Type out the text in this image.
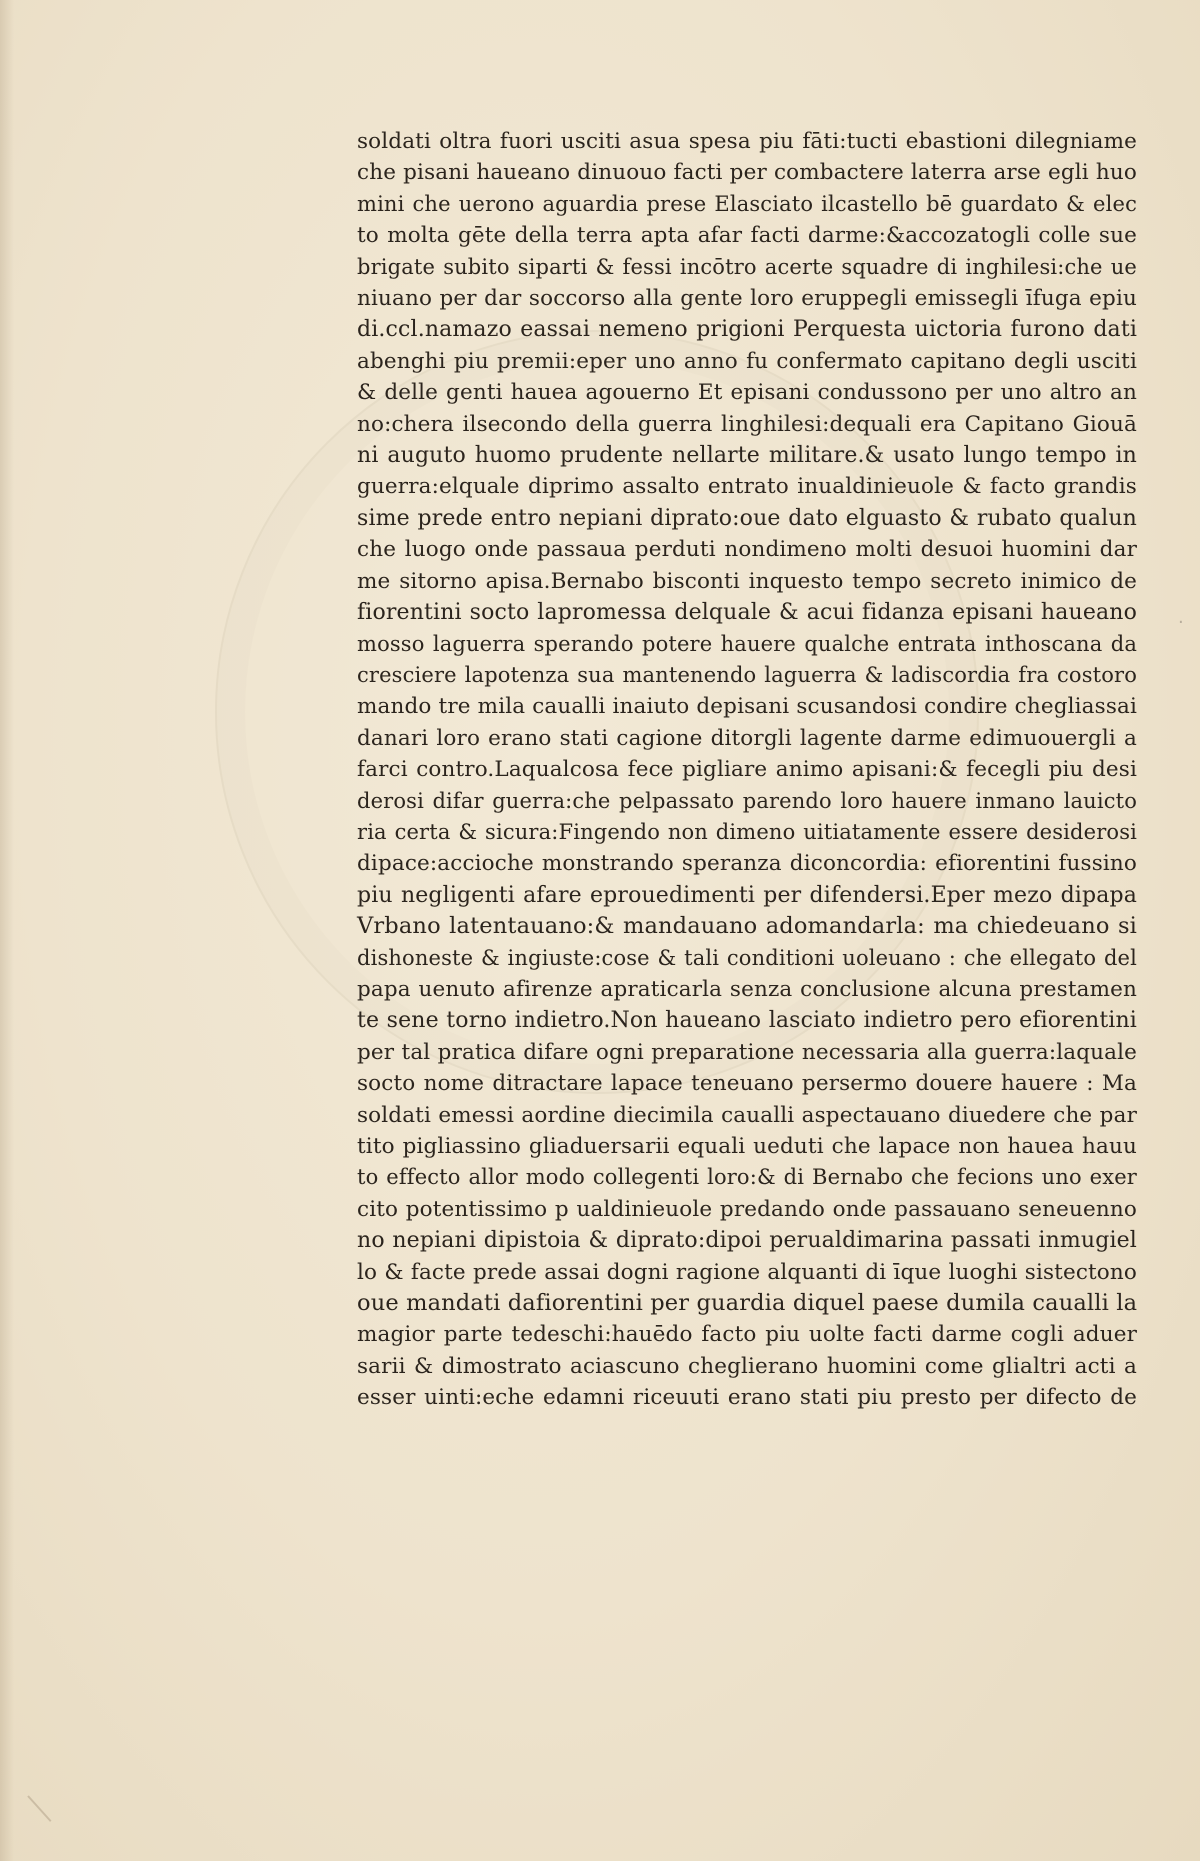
·
soldati oltra fuori usciti asua spesa piu fāti:tucti ebastioni dilegniame
che pisani haueano dinuouo facti per combactere laterra arse egli huo
mini che uerono aguardia prese Elasciato ilcastello bē guardato & elec
to molta gēte della terra apta afar facti darme:&accozatogli colle sue
brigate subito siparti & fessi incōtro acerte squadre di inghilesi:che ue
niuano per dar soccorso alla gente loro eruppegli emissegli īfuga epiu
di.ccl.namazo eassai nemeno prigioni Perquesta uictoria furono dati
abenghi piu premii:eper uno anno fu confermato capitano degli usciti
& delle genti hauea agouerno Et episani condussono per uno altro an
no:chera ilsecondo della guerra linghilesi:dequali era Capitano Giouā
ni auguto huomo prudente nellarte militare.& usato lungo tempo in
guerra:elquale diprimo assalto entrato inualdinieuole & facto grandis
sime prede entro nepiani diprato:oue dato elguasto & rubato qualun
che luogo onde passaua perduti nondimeno molti desuoi huomini dar
me sitorno apisa.Bernabo bisconti inquesto tempo secreto inimico de
fiorentini socto lapromessa delquale & acui fidanza episani haueano
mosso laguerra sperando potere hauere qualche entrata inthoscana da
cresciere lapotenza sua mantenendo laguerra & ladiscordia fra costoro
mando tre mila caualli inaiuto depisani scusandosi condire chegliassai
danari loro erano stati cagione ditorgli lagente darme edimuouergli a
farci contro.Laqualcosa fece pigliare animo apisani:& fecegli piu desi
derosi difar guerra:che pelpassato parendo loro hauere inmano lauicto
ria certa & sicura:Fingendo non dimeno uitiatamente essere desiderosi
dipace:accioche monstrando speranza diconcordia: efiorentini fussino
piu negligenti afare eprouedimenti per difendersi.Eper mezo dipapa
Vrbano latentauano:& mandauano adomandarla: ma chiedeuano si
dishoneste & ingiuste:cose & tali conditioni uoleuano : che ellegato del
papa uenuto afirenze apraticarla senza conclusione alcuna prestamen
te sene torno indietro.Non haueano lasciato indietro pero efiorentini
per tal pratica difare ogni preparatione necessaria alla guerra:laquale
socto nome ditractare lapace teneuano persermo douere hauere : Ma
soldati emessi aordine diecimila caualli aspectauano diuedere che par
tito pigliassino gliaduersarii equali ueduti che lapace non hauea hauu
to effecto allor modo collegenti loro:& di Bernabo che fecions uno exer
cito potentissimo p ualdinieuole predando onde passauano seneuenno
no nepiani dipistoia & diprato:dipoi perualdimarina passati inmugiel
lo & facte prede assai dogni ragione alquanti di īque luoghi sistectono
oue mandati dafiorentini per guardia diquel paese dumila caualli la
magior parte tedeschi:hauēdo facto piu uolte facti darme cogli aduer
sarii & dimostrato aciascuno cheglierano huomini come glialtri acti a
esser uinti:eche edamni riceuuti erano stati piu presto per difecto de
